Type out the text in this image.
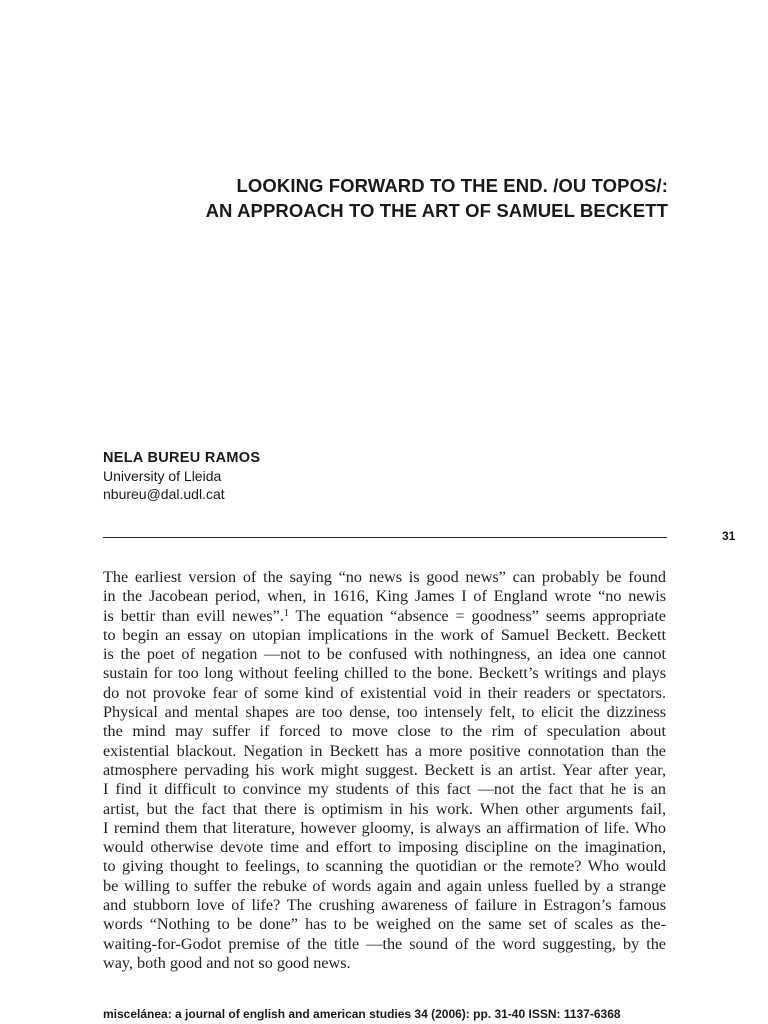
LOOKING FORWARD TO THE END. /OU TOPOS/:
AN APPROACH TO THE ART OF SAMUEL BECKETT
NELA BUREU RAMOS
University of Lleida
nbureu@dal.udl.cat
31
The earliest version of the saying “no news is good news” can probably be found
in the Jacobean period, when, in 1616, King James I of England wrote “no newis
is bettir than evill newes”.$^1$ The equation “absence = goodness” seems appropriate
to begin an essay on utopian implications in the work of Samuel Beckett. Beckett
is the poet of negation —not to be confused with nothingness, an idea one cannot
sustain for too long without feeling chilled to the bone. Beckett’s writings and plays
do not provoke fear of some kind of existential void in their readers or spectators.
Physical and mental shapes are too dense, too intensely felt, to elicit the dizziness
the mind may suffer if forced to move close to the rim of speculation about
existential blackout. Negation in Beckett has a more positive connotation than the
atmosphere pervading his work might suggest. Beckett is an artist. Year after year,
I find it difficult to convince my students of this fact —not the fact that he is an
artist, but the fact that there is optimism in his work. When other arguments fail,
I remind them that literature, however gloomy, is always an affirmation of life. Who
would otherwise devote time and effort to imposing discipline on the imagination,
to giving thought to feelings, to scanning the quotidian or the remote? Who would
be willing to suffer the rebuke of words again and again unless fuelled by a strange
and stubborn love of life? The crushing awareness of failure in Estragon’s famous
words “Nothing to be done” has to be weighed on the same set of scales as the-
waiting-for-Godot premise of the title —the sound of the word suggesting, by the
way, both good and not so good news.
miscelánea: a journal of english and american studies 34 (2006): pp. 31-40 ISSN: 1137-6368
